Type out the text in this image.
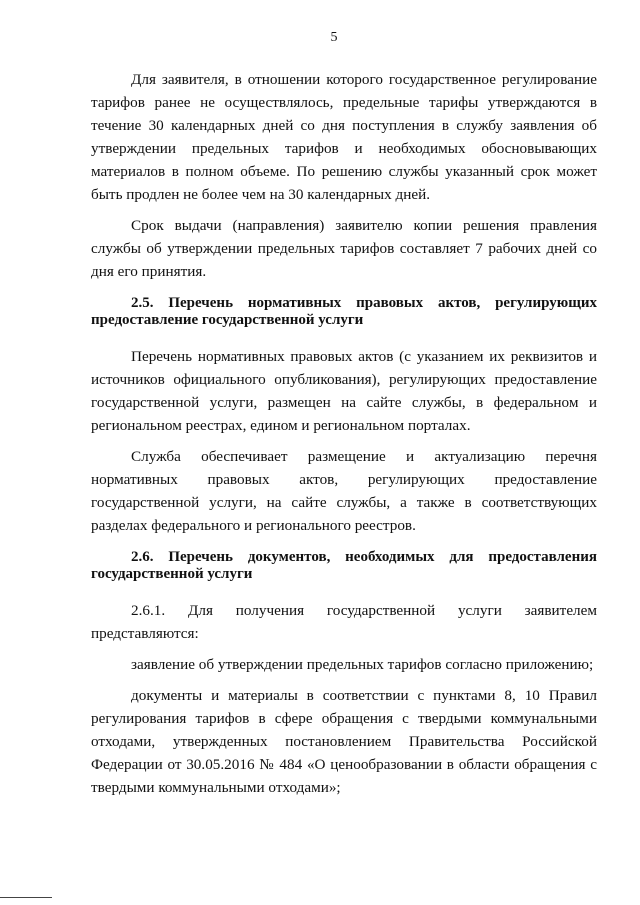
5

Для заявителя, в отношении которого государственное регулирование тарифов ранее не осуществлялось, предельные тарифы утверждаются в течение 30 календарных дней со дня поступления в службу заявления об утверждении предельных тарифов и необходимых обосновывающих материалов в полном объеме. По решению службы указанный срок может быть продлен не более чем на 30 календарных дней.

Срок выдачи (направления) заявителю копии решения правления службы об утверждении предельных тарифов составляет 7 рабочих дней со дня его принятия.

2.5. Перечень нормативных правовых актов, регулирующих предоставление государственной услуги

Перечень нормативных правовых актов (с указанием их реквизитов и источников официального опубликования), регулирующих предоставление государственной услуги, размещен на сайте службы, в федеральном и региональном реестрах, едином и региональном порталах.

Служба обеспечивает размещение и актуализацию перечня нормативных правовых актов, регулирующих предоставление государственной услуги, на сайте службы, а также в соответствующих разделах федерального и регионального реестров.

2.6. Перечень документов, необходимых для предоставления государственной услуги

2.6.1. Для получения государственной услуги заявителем представляются:

заявление об утверждении предельных тарифов согласно приложению;

документы и материалы в соответствии с пунктами 8, 10 Правил регулирования тарифов в сфере обращения с твердыми коммунальными отходами, утвержденных постановлением Правительства Российской Федерации от 30.05.2016 № 484 «О ценообразовании в области обращения с твердыми коммунальными отходами»;
